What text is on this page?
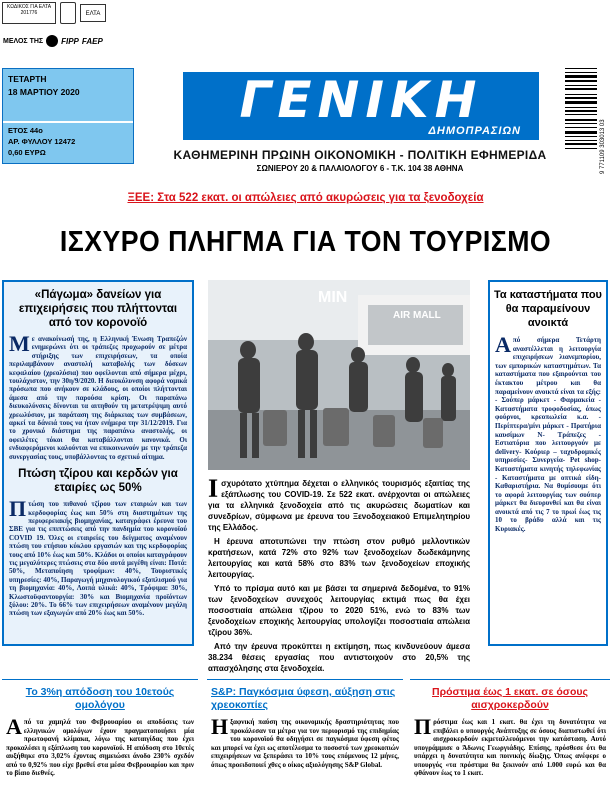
ΚΩΔΙΚΟΣ ΓΙΑ ΕΛΤΑ 201776	ΕΛΤΑ
ΜΕΛΟΣ ΤΗΣ FIPP FAEP
ΤΕΤΑΡΤΗ
18 ΜΑΡΤΙΟΥ 2020
ΕΤΟΣ 44ο
ΑΡ. ΦΥΛΛΟΥ 12472
0,60 ΕΥΡΩ
ΓΕΝΙΚΗ
ΔΗΜΟΠΡΑΣΙΩΝ
ΚΑΘΗΜΕΡΙΝΗ ΠΡΩΙΝΗ ΟΙΚΟΝΟΜΙΚΗ - ΠΟΛΙΤΙΚΗ ΕΦΗΜΕΡΙΔΑ
ΣΩΝΙΕΡΟΥ 20 & ΠΑΛΑΙΟΛΟΓΟΥ 6 - Τ.Κ. 104 38 ΑΘΗΝΑ	9 771109 303013 03
ΞΕΕ: Στα 522 εκατ. οι απώλειες από ακυρώσεις για τα ξενοδοχεία
ΙΣΧΥΡΟ ΠΛΗΓΜΑ ΓΙΑ ΤΟΝ ΤΟΥΡΙΣΜΟ
«Πάγωμα» δανείων για επιχειρήσεις που πλήττονται από τον κορονοϊό
Με ανακοίνωσή της, η Ελληνική Ένωση Τραπεζών ενημερώνει ότι οι τράπεζες προχωρούν σε μέτρα στήριξης των επιχειρήσεων, τα οποία περιλαμβάνουν αναστολή καταβολής των δόσεων κεφαλαίου (χρεολύσια) που οφείλονται από σήμερα μέχρι, τουλάχιστον, την 30η/9/2020. Η διευκόλυνση αφορά νομικά πρόσωπα που ανήκουν σε κλάδους, οι οποίοι πλήττονται άμεσα από την παρούσα κρίση. Οι παραπάνω διευκολύνσεις δίνονται τα αιτηθούν τη μετατρέψιμη αυτό χρεωλύσιον, με παράταση της διάρκειας των συμβάσεων, αρκεί τα δάνειά τους να ήταν ενήμερα την 31/12/2019. Για το χρονικό διάστημα της παραπάνω αναστολής, οι οφειλέτες τόκοι θα καταβάλλονται κανονικά. Οι ενδιαφερόμενοι καλούνται να επικοινωνούν με την τράπεζα συνεργασίας τους, υποβάλλοντας το σχετικό αίτημα.
Πτώση τζίρου και κερδών για εταιρίες ως 50%
Πτώση του πιθανού τζίρου των εταιριών και των κερδοφορίας έως και 50% στη διαστημάτων της περιφερειακής βιομηχανίας, καταγράφει έρευνα του ΣΒΕ για τις επιπτώσεις από την πανδημία του κορονοϊού COVID 19. Όλες οι εταιρείες του δείγματος αναμένουν πτώση του ετήσιου κύκλου εργασιών και της κερδοφορίας τους από 10% έως και 50%. Κλάδοι οι οποίοι καταγράφουν τις μεγαλύτερες πτώσεις στα δύο αυτά μεγέθη είναι: Ποτά: 50%, Μεταποίηση τροφίμων: 40%, Τουριστικές υπηρεσίες: 40%, Παραγωγή μηχανολογικού εξοπλισμού για τη βιομηχανία: 40%, Λοιπά υλικά: 40%, Τρόφιμα: 30%, Κλωστοϋφαντουργία: 30% και Βιομηχανία προϊόντων ξύλου: 20%. Το 66% των επιχειρήσεων αναμένουν μεγάλη πτώση των εξαγωγών από 20% έως και 50%.
AIR MALL
MIN

Ισχυρότατο χτύπημα δέχεται ο ελληνικός τουρισμός εξαιτίας της εξάπλωσης του COVID-19. Σε 522 εκατ. ανέρχονται οι απώλειες για τα ελληνικά ξενοδοχεία από τις ακυρώσεις δωματίων και συνεδρίων, σύμφωνα με έρευνα του Ξενοδοχειακού Επιμελητηρίου της Ελλάδος.

Η έρευνα αποτυπώνει την πτώση στον ρυθμό μελλοντικών κρατήσεων, κατά 72% στο 92% των ξενοδοχείων δωδεκάμηνης λειτουργίας και κατά 58% στο 83% των ξενοδοχείων εποχικής λειτουργίας.

Υπό το πρίσμα αυτό και με βάσει τα σημερινά δεδομένα, το 91% των ξενοδοχείων συνεχούς λειτουργίας εκτιμά πως θα έχει ποσοστιαία απώλεια τζίρου το 2020 51%, ενώ το 83% των ξενοδοχείων εποχικής λειτουργίας υπολογίζει ποσοστιαία απώλεια τζίρου 36%.

Από την έρευνα προκύπτει η εκτίμηση, πως κινδυνεύουν άμεσα 38.234 θέσεις εργασίας που αντιστοιχούν στο 20,5% της απασχόλησης στα ξενοδοχεία.

Τα καταστήματα που θα παραμείνουν ανοικτά
Από σήμερα Τετάρτη αναστέλλεται η λειτουργία επιχειρήσεων λιανεμπορίου, των εμπορικών καταστημάτων. Τα καταστήματα που εξαιρούνται του έκτακτου μέτρου και θα παραμείνουν ανοικτά είναι τα εξής: - Σούπερ μάρκετ - Φαρμακεία - Καταστήματα τροφοδοσίας, όπως φούρνοι, κρεοπωλεία κ.α. - Περίπτερα/μίνι μάρκετ - Πρατήρια καυσίμων Ν- Τράπεζες - Εστιατόρια που λειτουργούν με delivery- Κούριερ – ταχυδρομικές υπηρεσίες- Συνεργεία- Pet shop- Καταστήματα κινητής τηλεφωνίας - Καταστήματα με οπτικά είδη- Καθαριστήρια. Να θυμίσουμε ότι το αφορά λειτουργίας των σούπερ μάρκετ θα διευρυνθεί και θα είναι ανοικτά από τις 7 το πρωί έως τις 10 το βράδυ αλλά και τις Κυριακές.
Το 3%η απόδοση του 10ετούς ομολόγου
Από τα χαμηλά του Φεβρουαρίου οι αποδόσεις των ελληνικών ομολόγων έχουν πραγματοποιήσει μία πρωτοφανή κλίμακα, λόγω της καταιγίδας που έχει προκαλέσει η εξάπλωση του κορονοϊού. Η απόδοση στο 10ετές αυξήθηκε στο 3,02% έχοντας σημειώσει άνοδο 230% σχεδόν από το 0,92% που είχε βρεθεί στα μέσα Φεβρουαρίου και πριν το βίαιο διεθνές.
S&P: Παγκόσμια ύφεση, αύξηση στις χρεοκοπίες
Ηξαφνική παύση της οικονομικής δραστηριότητας που προκάλεσαν τα μέτρα για τον περιορισμό της επιδημίας του κορονοϊού θα οδηγήσει σε παγκόσμια ύφεση φέτος και μπορεί να έχει ως αποτέλεσμα το ποσοστό των χρεοκοπιών επιχειρήσεων να ξεπεράσει το 10% τους επόμενους 12 μήνες, όπως προειδοποιεί χθες ο οίκος αξιολόγησης S&P Global.
Πρόστιμα έως 1 εκατ. σε όσους αισχροκερδούν
Πρόστιμα έως και 1 εκατ. θα έχει τη δυνατότητα να επιβάλει ο υπουργός Ανάπτυξης σε όσους διαπιστωθεί ότι αισχροκερδούν εκμεταλλευόμενοι την κατάσταση. Αυτό υπογράμμισε ο Άδωνις Γεωργιάδης. Επίσης, πρόσθεσε ότι θα υπάρχει η δυνατότητα και ποινικής δίωξης. Όπως ανέφερε ο υπουργός «τα πρόστιμα θα ξεκινούν από 1.000 ευρώ και θα φθάνουν έως το 1 εκατ.
